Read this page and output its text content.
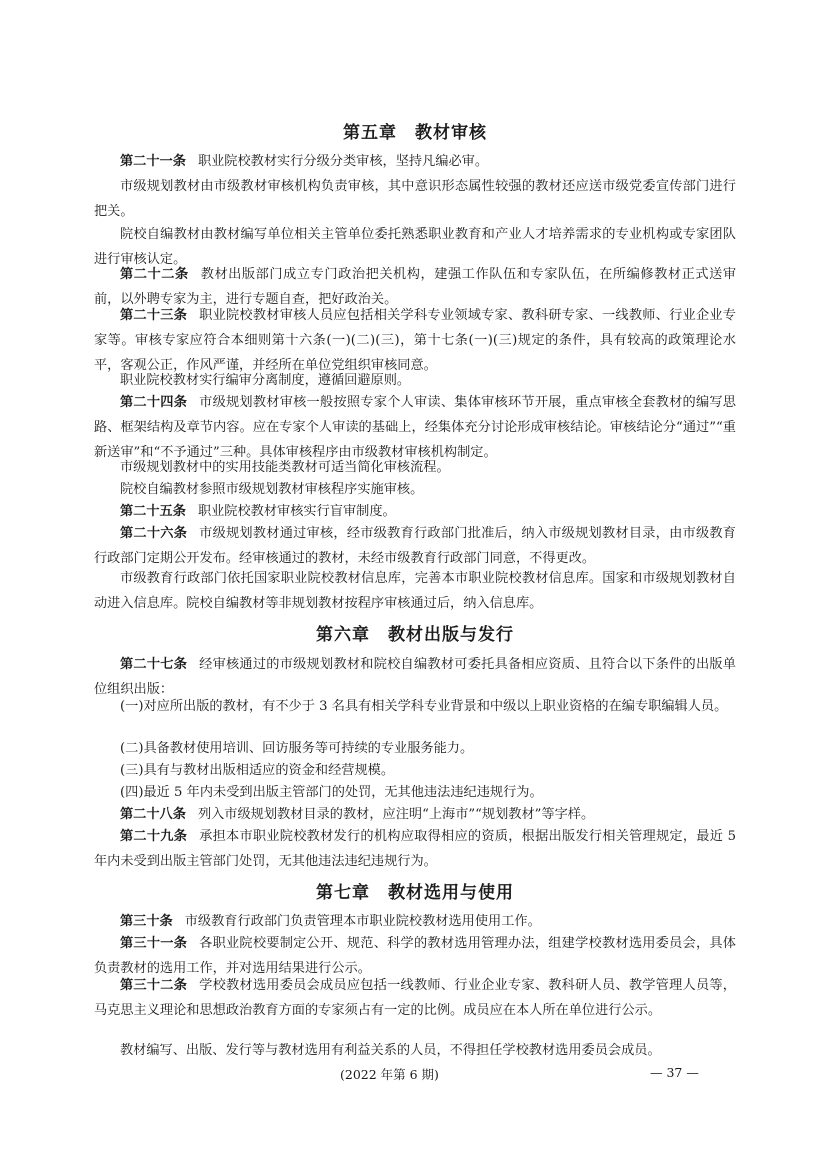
第五章　教材审核

第二十一条 职业院校教材实行分级分类审核，坚持凡编必审。

市级规划教材由市级教材审核机构负责审核，其中意识形态属性较强的教材还应送市级党委宣传部门进行把关。

院校自编教材由教材编写单位相关主管单位委托熟悉职业教育和产业人才培养需求的专业机构或专家团队进行审核认定。

第二十二条 教材出版部门成立专门政治把关机构，建强工作队伍和专家队伍，在所编修教材正式送审前，以外聘专家为主，进行专题自查，把好政治关。

第二十三条 职业院校教材审核人员应包括相关学科专业领域专家、教科研专家、一线教师、行业企业专家等。审核专家应符合本细则第十六条(一)(二)(三)，第十七条(一)(三)规定的条件，具有较高的政策理论水平，客观公正，作风严谨，并经所在单位党组织审核同意。

职业院校教材实行编审分离制度，遵循回避原则。

第二十四条 市级规划教材审核一般按照专家个人审读、集体审核环节开展，重点审核全套教材的编写思路、框架结构及章节内容。应在专家个人审读的基础上，经集体充分讨论形成审核结论。审核结论分“通过”“重新送审”和“不予通过”三种。具体审核程序由市级教材审核机构制定。

市级规划教材中的实用技能类教材可适当简化审核流程。

院校自编教材参照市级规划教材审核程序实施审核。

第二十五条 职业院校教材审核实行盲审制度。

第二十六条 市级规划教材通过审核，经市级教育行政部门批准后，纳入市级规划教材目录，由市级教育行政部门定期公开发布。经审核通过的教材，未经市级教育行政部门同意，不得更改。

市级教育行政部门依托国家职业院校教材信息库，完善本市职业院校教材信息库。国家和市级规划教材自动进入信息库。院校自编教材等非规划教材按程序审核通过后，纳入信息库。

第六章　教材出版与发行

第二十七条 经审核通过的市级规划教材和院校自编教材可委托具备相应资质、且符合以下条件的出版单位组织出版：

(一)对应所出版的教材，有不少于 3 名具有相关学科专业背景和中级以上职业资格的在编专职编辑人员。

(二)具备教材使用培训、回访服务等可持续的专业服务能力。

(三)具有与教材出版相适应的资金和经营规模。

(四)最近 5 年内未受到出版主管部门的处罚，无其他违法违纪违规行为。

第二十八条 列入市级规划教材目录的教材，应注明“上海市”“规划教材”等字样。

第二十九条 承担本市职业院校教材发行的机构应取得相应的资质，根据出版发行相关管理规定，最近 5 年内未受到出版主管部门处罚，无其他违法违纪违规行为。

第七章　教材选用与使用

第三十条 市级教育行政部门负责管理本市职业院校教材选用使用工作。

第三十一条 各职业院校要制定公开、规范、科学的教材选用管理办法，组建学校教材选用委员会，具体负责教材的选用工作，并对选用结果进行公示。

第三十二条 学校教材选用委员会成员应包括一线教师、行业企业专家、教科研人员、教学管理人员等，马克思主义理论和思想政治教育方面的专家须占有一定的比例。成员应在本人所在单位进行公示。

教材编写、出版、发行等与教材选用有利益关系的人员，不得担任学校教材选用委员会成员。

(2022 年第 6 期)	— 37 —
